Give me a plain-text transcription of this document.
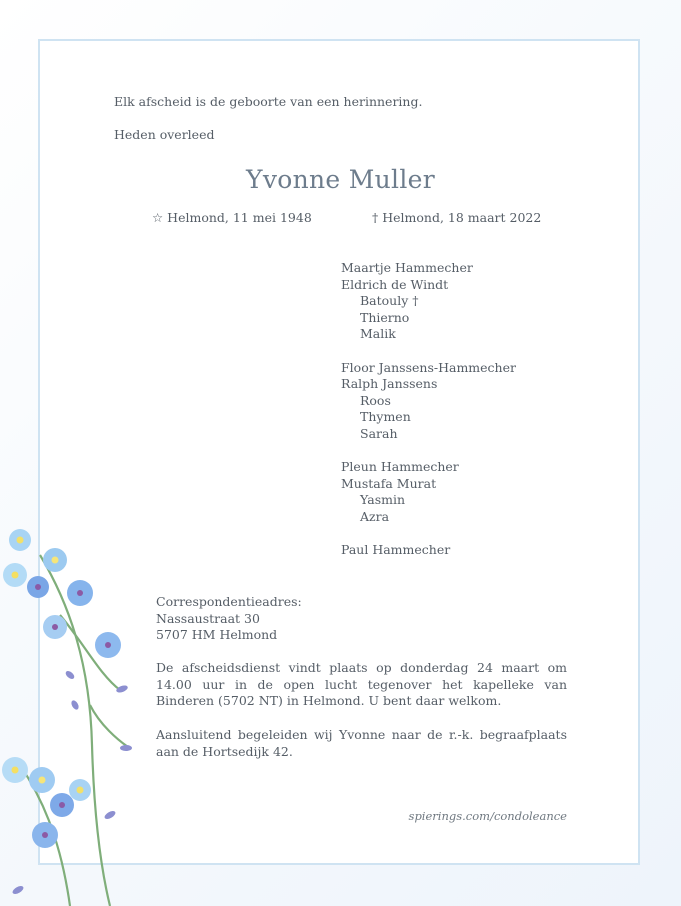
Elk afscheid is de geboorte van een herinnering.
Heden overleed
Yvonne Muller
☆ Helmond, 11 mei 1948	† Helmond, 18 maart 2022
Maartje Hammecher
Eldrich de Windt
Batouly †
Thierno
Malik
Floor Janssens-Hammecher
Ralph Janssens
Roos
Thymen
Sarah
Pleun Hammecher
Mustafa Murat
Yasmin
Azra
Paul Hammecher
Correspondentieadres:
Nassaustraat 30
5707 HM Helmond
De afscheidsdienst vindt plaats op donderdag 24 maart om 14.00 uur in de open lucht tegenover het kapelleke van Binderen (5702 NT) in Helmond. U bent daar welkom.
Aansluitend begeleiden wij Yvonne naar de r.-k. begraafplaats aan de Hortsedijk 42.
spierings.com/condoleance
